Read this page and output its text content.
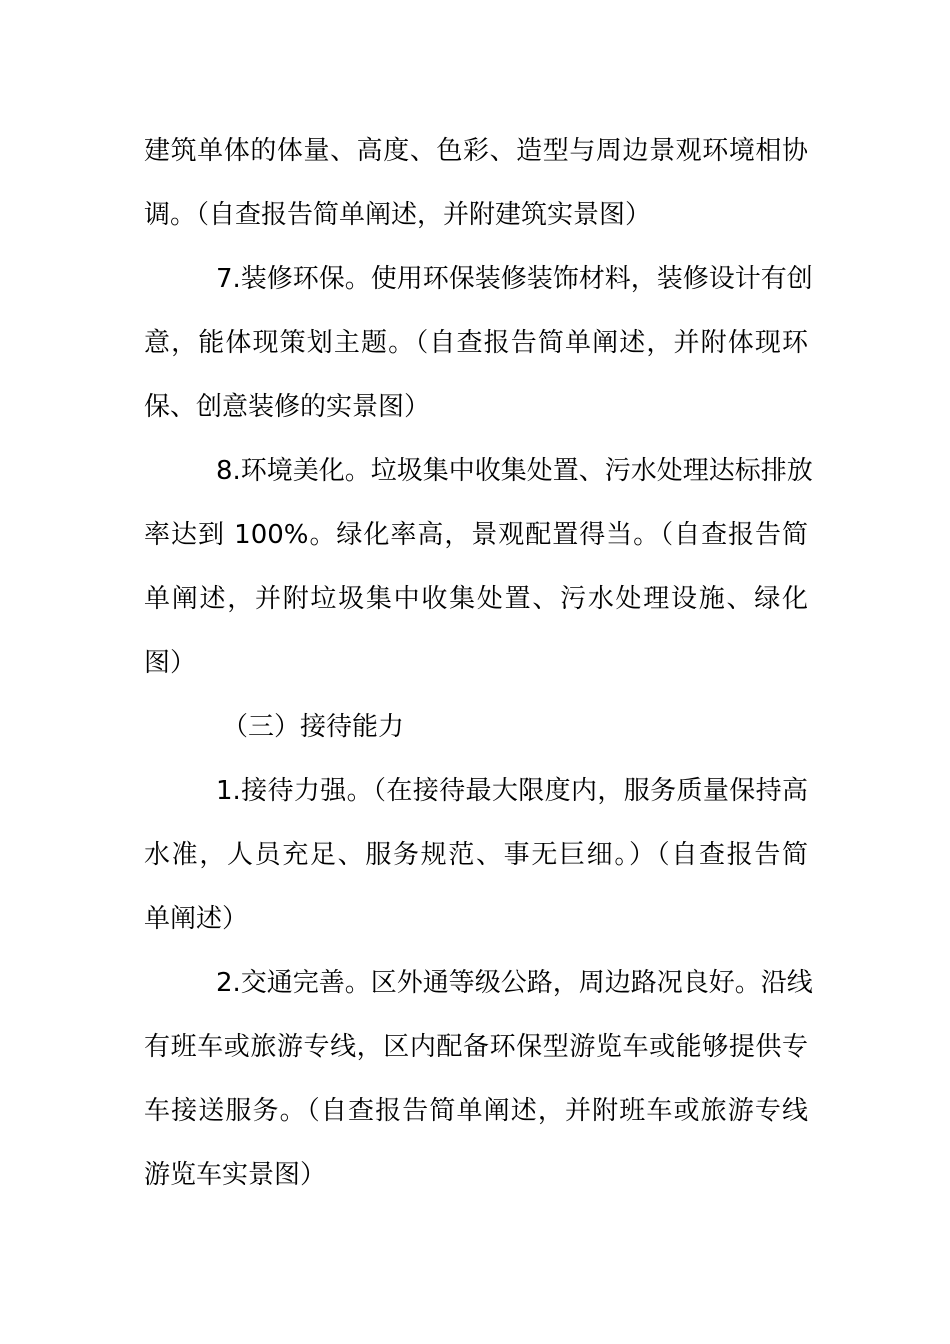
建筑单体的体量、高度、色彩、造型与周边景观环境相协
调。（自查报告简单阐述，并附建筑实景图）
7.装修环保。使用环保装修装饰材料，装修设计有创
意，能体现策划主题。（自查报告简单阐述，并附体现环
保、创意装修的实景图）
8.环境美化。垃圾集中收集处置、污水处理达标排放
率达到 100%。绿化率高，景观配置得当。（自查报告简
单阐述，并附垃圾集中收集处置、污水处理设施、绿化
图）
（三）接待能力
1.接待力强。（在接待最大限度内，服务质量保持高
水准，人员充足、服务规范、事无巨细。）（自查报告简
单阐述）
2.交通完善。区外通等级公路，周边路况良好。沿线
有班车或旅游专线，区内配备环保型游览车或能够提供专
车接送服务。（自查报告简单阐述，并附班车或旅游专线
游览车实景图）
